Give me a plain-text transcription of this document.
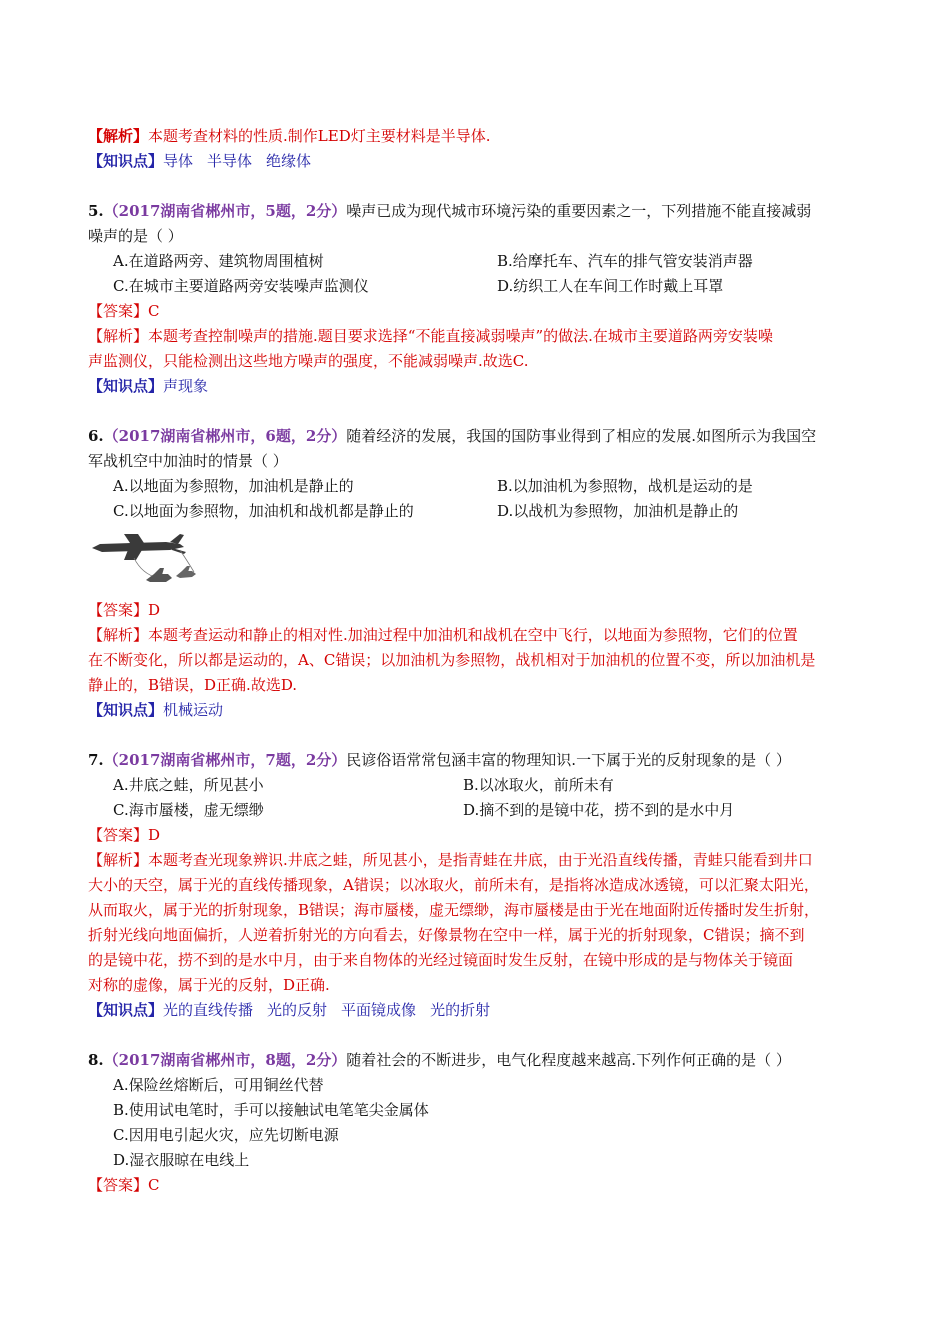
【解析】本题考查材料的性质.制作LED灯主要材料是半导体.
【知识点】导体 半导体 绝缘体
5.（2017湖南省郴州市，5题，2分）噪声已成为现代城市环境污染的重要因素之一，下列措施不能直接减弱
噪声的是（ ）
A.在道路两旁、建筑物周围植树	B.给摩托车、汽车的排气管安装消声器
C.在城市主要道路两旁安装噪声监测仪	D.纺织工人在车间工作时戴上耳罩
【答案】C
【解析】本题考查控制噪声的措施.题目要求选择“不能直接减弱噪声”的做法.在城市主要道路两旁安装噪
声监测仪，只能检测出这些地方噪声的强度，不能减弱噪声.故选C.
【知识点】声现象
6.（2017湖南省郴州市，6题，2分）随着经济的发展，我国的国防事业得到了相应的发展.如图所示为我国空
军战机空中加油时的情景（ ）
A.以地面为参照物，加油机是静止的	B.以加油机为参照物，战机是运动的是
C.以地面为参照物，加油机和战机都是静止的	D.以战机为参照物，加油机是静止的
【答案】D
【解析】本题考查运动和静止的相对性.加油过程中加油机和战机在空中飞行，以地面为参照物，它们的位置
在不断变化，所以都是运动的，A、C错误；以加油机为参照物，战机相对于加油机的位置不变，所以加油机是
静止的，B错误，D正确.故选D.
【知识点】机械运动
7.（2017湖南省郴州市，7题，2分）民谚俗语常常包涵丰富的物理知识.一下属于光的反射现象的是（ ）
A.井底之蛙，所见甚小	B.以冰取火，前所未有
C.海市蜃楼，虚无缥缈	D.摘不到的是镜中花，捞不到的是水中月
【答案】D
【解析】本题考查光现象辨识.井底之蛙，所见甚小，是指青蛙在井底，由于光沿直线传播，青蛙只能看到井口
大小的天空，属于光的直线传播现象，A错误；以冰取火，前所未有，是指将冰造成冰透镜，可以汇聚太阳光，
从而取火，属于光的折射现象，B错误；海市蜃楼，虚无缥缈，海市蜃楼是由于光在地面附近传播时发生折射，
折射光线向地面偏折，人逆着折射光的方向看去，好像景物在空中一样，属于光的折射现象，C错误；摘不到
的是镜中花，捞不到的是水中月，由于来自物体的光经过镜面时发生反射，在镜中形成的是与物体关于镜面
对称的虚像，属于光的反射，D正确.
【知识点】光的直线传播 光的反射 平面镜成像 光的折射
8.（2017湖南省郴州市，8题，2分）随着社会的不断进步，电气化程度越来越高.下列作何正确的是（ ）
A.保险丝熔断后，可用铜丝代替
B.使用试电笔时，手可以接触试电笔笔尖金属体
C.因用电引起火灾，应先切断电源
D.湿衣服晾在电线上
【答案】C
